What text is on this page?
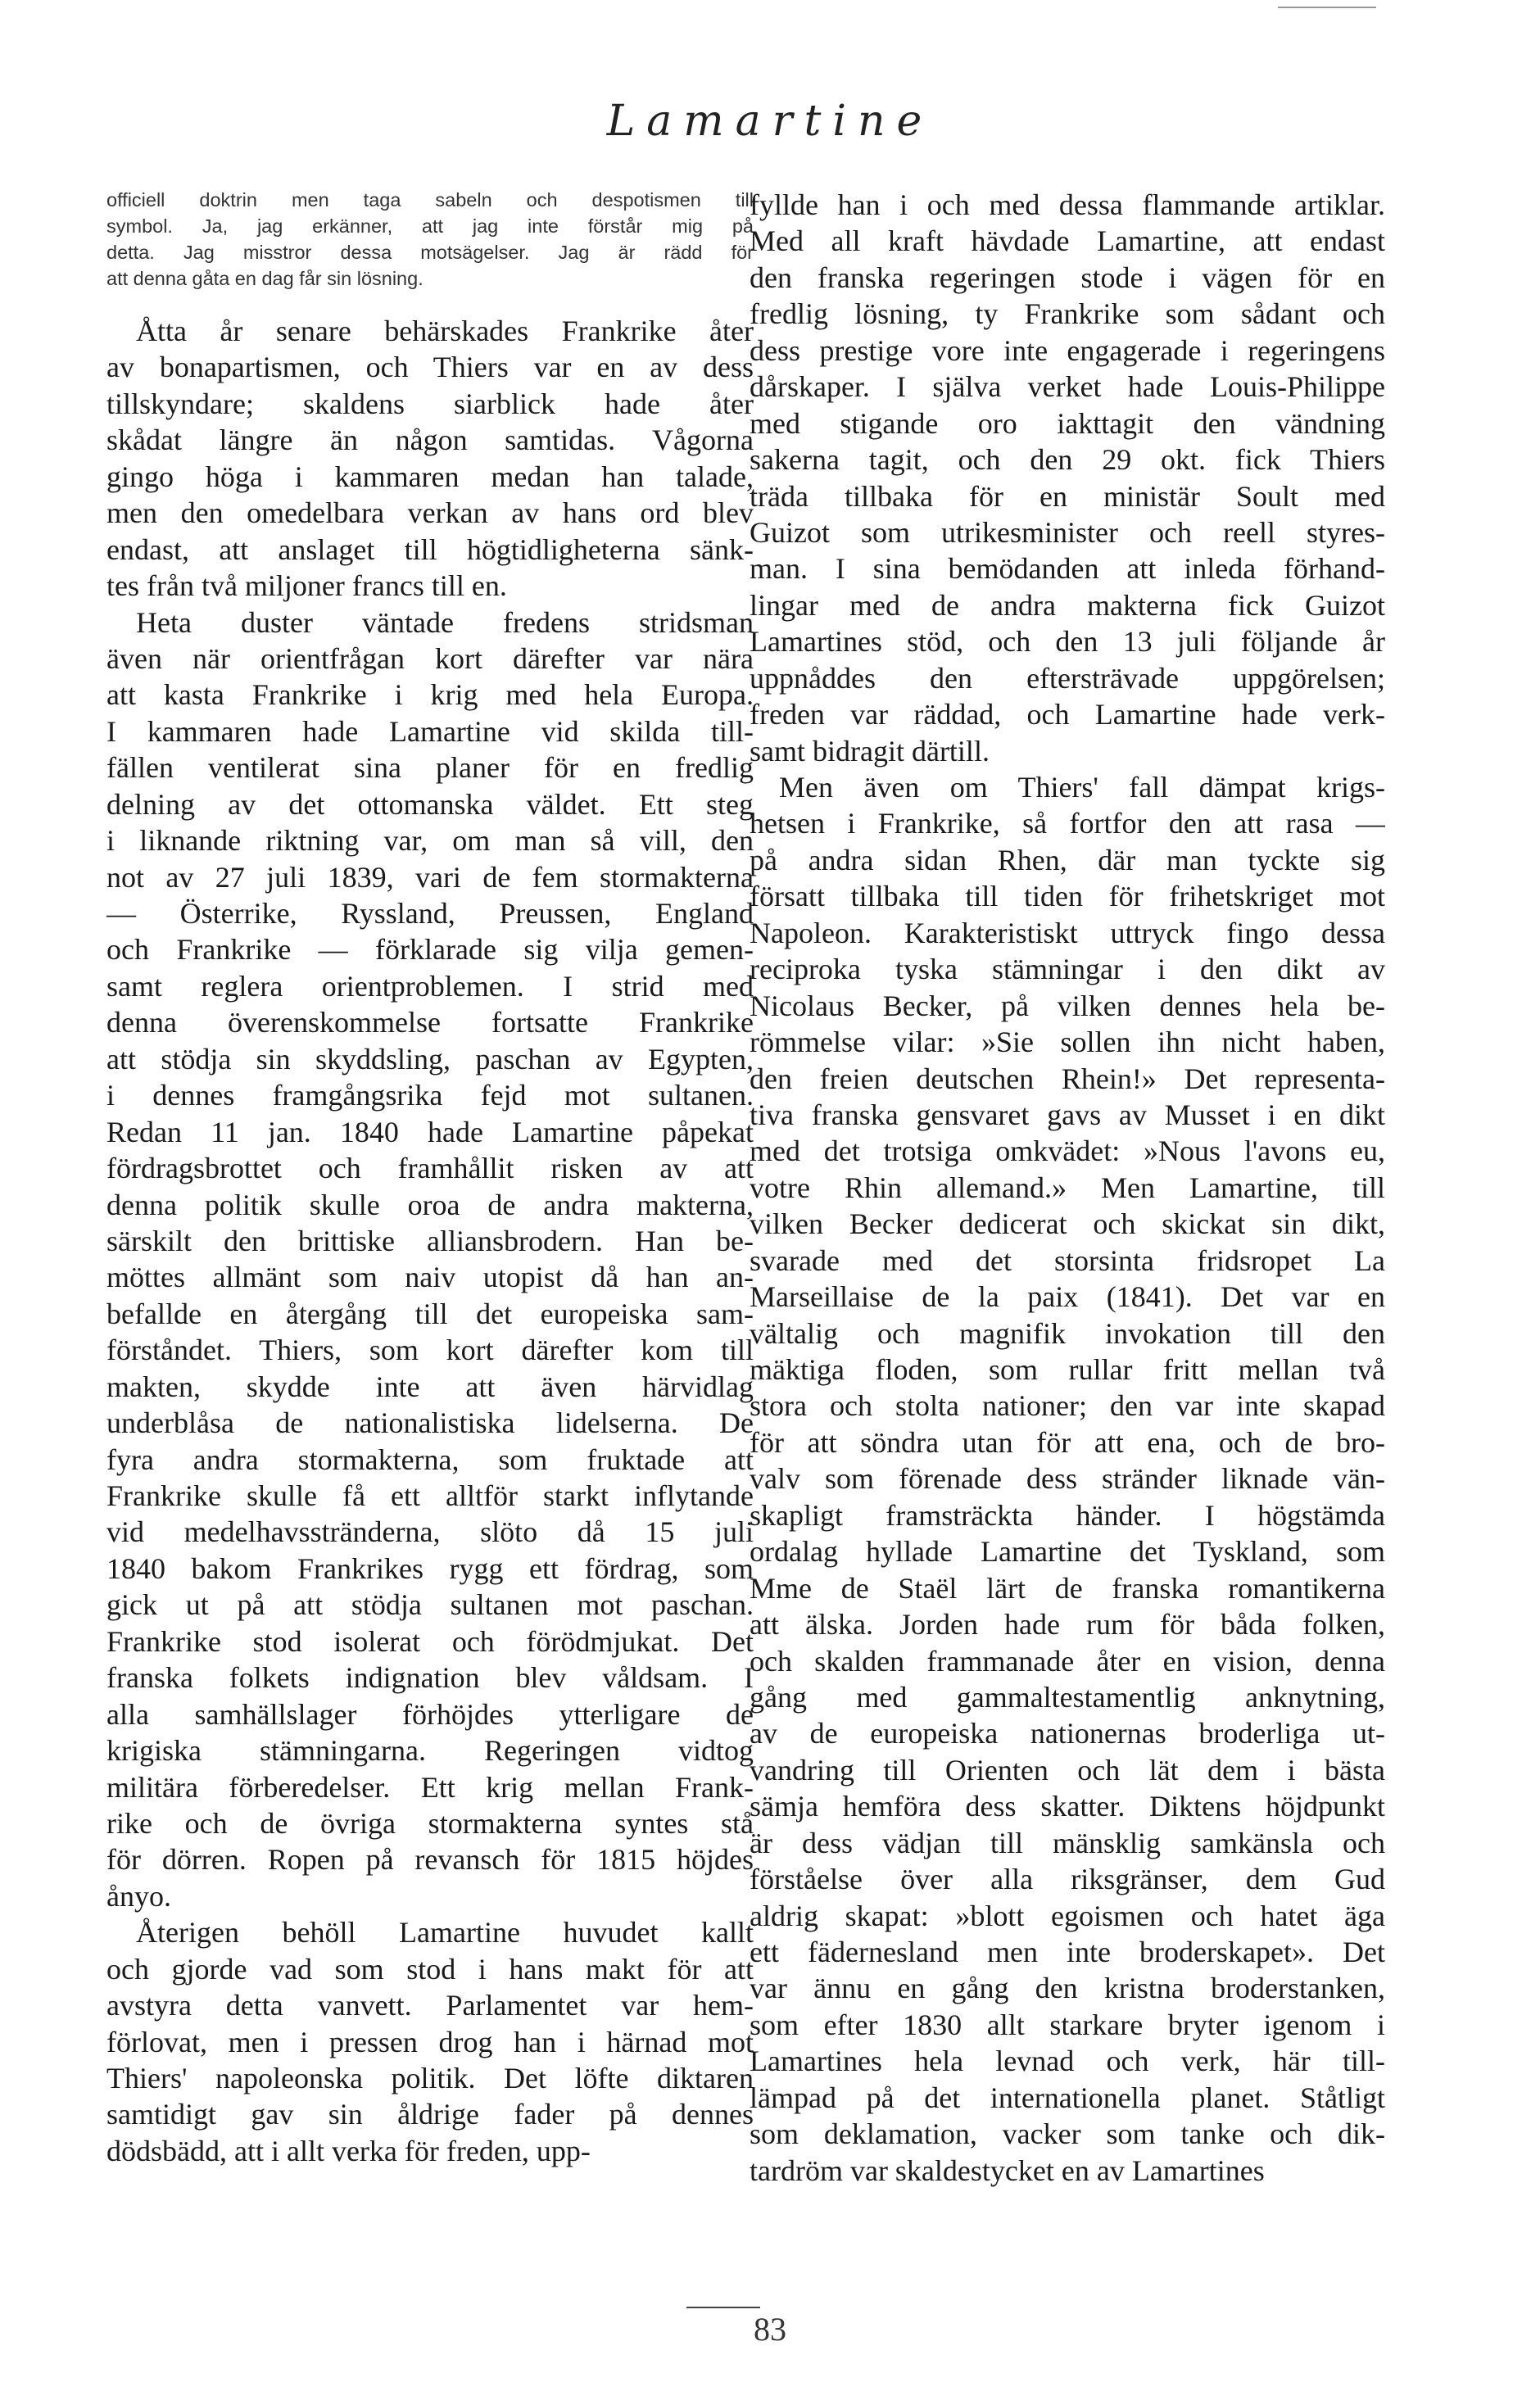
Lamartine
officiell doktrin men taga sabeln och despotismen till
symbol. Ja, jag erkänner, att jag inte förstår mig på
detta. Jag misstror dessa motsägelser. Jag är rädd för
att denna gåta en dag får sin lösning.
Åtta år senare behärskades Frankrike åter
av bonapartismen, och Thiers var en av dess
tillskyndare; skaldens siarblick hade åter
skådat längre än någon samtidas. Vågorna
gingo höga i kammaren medan han talade,
men den omedelbara verkan av hans ord blev
endast, att anslaget till högtidligheterna sänk-
tes från två miljoner francs till en.
Heta duster väntade fredens stridsman
även när orientfrågan kort därefter var nära
att kasta Frankrike i krig med hela Europa.
I kammaren hade Lamartine vid skilda till-
fällen ventilerat sina planer för en fredlig
delning av det ottomanska väldet. Ett steg
i liknande riktning var, om man så vill, den
not av 27 juli 1839, vari de fem stormakterna
— Österrike, Ryssland, Preussen, England
och Frankrike — förklarade sig vilja gemen-
samt reglera orientproblemen. I strid med
denna överenskommelse fortsatte Frankrike
att stödja sin skyddsling, paschan av Egypten,
i dennes framgångsrika fejd mot sultanen.
Redan 11 jan. 1840 hade Lamartine påpekat
fördragsbrottet och framhållit risken av att
denna politik skulle oroa de andra makterna,
särskilt den brittiske alliansbrodern. Han be-
möttes allmänt som naiv utopist då han an-
befallde en återgång till det europeiska sam-
förståndet. Thiers, som kort därefter kom till
makten, skydde inte att även härvidlag
underblåsa de nationalistiska lidelserna. De
fyra andra stormakterna, som fruktade att
Frankrike skulle få ett alltför starkt inflytande
vid medelhavsstränderna, slöto då 15 juli
1840 bakom Frankrikes rygg ett fördrag, som
gick ut på att stödja sultanen mot paschan.
Frankrike stod isolerat och förödmjukat. Det
franska folkets indignation blev våldsam. I
alla samhällslager förhöjdes ytterligare de
krigiska stämningarna. Regeringen vidtog
militära förberedelser. Ett krig mellan Frank-
rike och de övriga stormakterna syntes stå
för dörren. Ropen på revansch för 1815 höjdes
ånyo.
Återigen behöll Lamartine huvudet kallt
och gjorde vad som stod i hans makt för att
avstyra detta vanvett. Parlamentet var hem-
förlovat, men i pressen drog han i härnad mot
Thiers' napoleonska politik. Det löfte diktaren
samtidigt gav sin åldrige fader på dennes
dödsbädd, att i allt verka för freden, upp-
fyllde han i och med dessa flammande artiklar.
Med all kraft hävdade Lamartine, att endast
den franska regeringen stode i vägen för en
fredlig lösning, ty Frankrike som sådant och
dess prestige vore inte engagerade i regeringens
dårskaper. I själva verket hade Louis-Philippe
med stigande oro iakttagit den vändning
sakerna tagit, och den 29 okt. fick Thiers
träda tillbaka för en ministär Soult med
Guizot som utrikesminister och reell styres-
man. I sina bemödanden att inleda förhand-
lingar med de andra makterna fick Guizot
Lamartines stöd, och den 13 juli följande år
uppnåddes den eftersträvade uppgörelsen;
freden var räddad, och Lamartine hade verk-
samt bidragit därtill.
Men även om Thiers' fall dämpat krigs-
hetsen i Frankrike, så fortfor den att rasa —
på andra sidan Rhen, där man tyckte sig
försatt tillbaka till tiden för frihetskriget mot
Napoleon. Karakteristiskt uttryck fingo dessa
reciproka tyska stämningar i den dikt av
Nicolaus Becker, på vilken dennes hela be-
römmelse vilar: »Sie sollen ihn nicht haben,
den freien deutschen Rhein!» Det representa-
tiva franska gensvaret gavs av Musset i en dikt
med det trotsiga omkvädet: »Nous l'avons eu,
votre Rhin allemand.» Men Lamartine, till
vilken Becker dedicerat och skickat sin dikt,
svarade med det storsinta fridsropet La
Marseillaise de la paix (1841). Det var en
vältalig och magnifik invokation till den
mäktiga floden, som rullar fritt mellan två
stora och stolta nationer; den var inte skapad
för att söndra utan för att ena, och de bro-
valv som förenade dess stränder liknade vän-
skapligt framsträckta händer. I högstämda
ordalag hyllade Lamartine det Tyskland, som
Mme de Staël lärt de franska romantikerna
att älska. Jorden hade rum för båda folken,
och skalden frammanade åter en vision, denna
gång med gammaltestamentlig anknytning,
av de europeiska nationernas broderliga ut-
vandring till Orienten och lät dem i bästa
sämja hemföra dess skatter. Diktens höjdpunkt
är dess vädjan till mänsklig samkänsla och
förståelse över alla riksgränser, dem Gud
aldrig skapat: »blott egoismen och hatet äga
ett fädernesland men inte broderskapet». Det
var ännu en gång den kristna broderstanken,
som efter 1830 allt starkare bryter igenom i
Lamartines hela levnad och verk, här till-
lämpad på det internationella planet. Ståtligt
som deklamation, vacker som tanke och dik-
tardröm var skaldestycket en av Lamartines
83
